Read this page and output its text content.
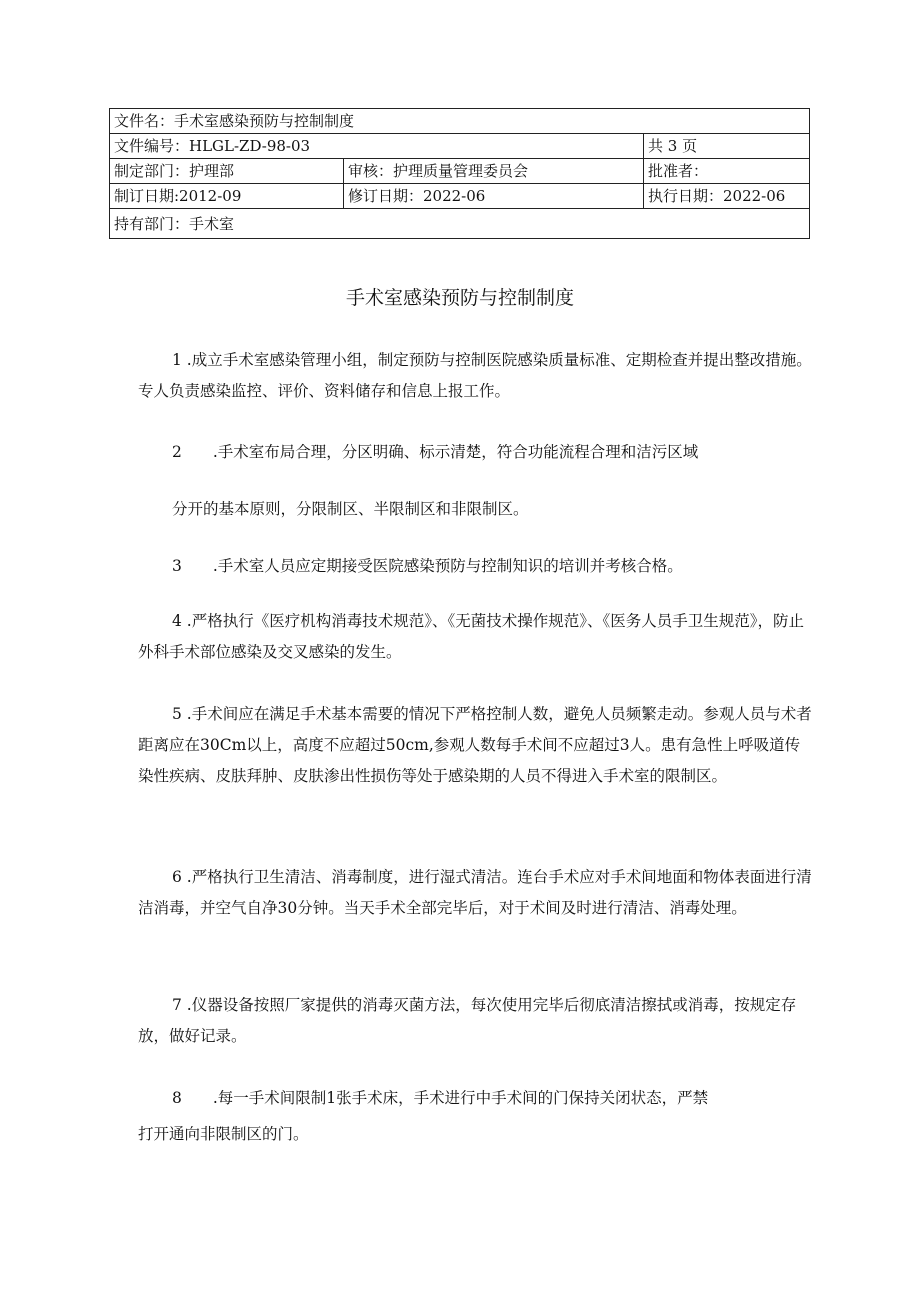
文件名：手术室感染预防与控制制度		
文件编号：HLGL-ZD-98-03		共 3 页
制定部门：护理部	审核：护理质量管理委员会	批准者：
制订日期:2012-09	修订日期：2022-06	执行日期：2022-06
持有部门：手术室		
手术室感染预防与控制制度

1 .成立手术室感染管理小组，制定预防与控制医院感染质量标准、定期检查并提出整改措施。专人负责感染监控、评价、资料储存和信息上报工作。

2　　.手术室布局合理，分区明确、标示清楚，符合功能流程合理和洁污区域

分开的基本原则，分限制区、半限制区和非限制区。

3　　.手术室人员应定期接受医院感染预防与控制知识的培训并考核合格。

4 .严格执行《医疗机构消毒技术规范》、《无菌技术操作规范》、《医务人员手卫生规范》，防止外科手术部位感染及交叉感染的发生。

5 .手术间应在满足手术基本需要的情况下严格控制人数，避免人员频繁走动。参观人员与术者距离应在30Cm以上，高度不应超过50cm,参观人数每手术间不应超过3人。患有急性上呼吸道传染性疾病、皮肤拜肿、皮肤渗出性损伤等处于感染期的人员不得进入手术室的限制区。

6 .严格执行卫生清洁、消毒制度，进行湿式清洁。连台手术应对手术间地面和物体表面进行清洁消毒，并空气自净30分钟。当天手术全部完毕后，对于术间及时进行清洁、消毒处理。

7 .仪器设备按照厂家提供的消毒灭菌方法，每次使用完毕后彻底清洁擦拭或消毒，按规定存放，做好记录。

8　　.每一手术间限制1张手术床，手术进行中手术间的门保持关闭状态，严禁

打开通向非限制区的门。
